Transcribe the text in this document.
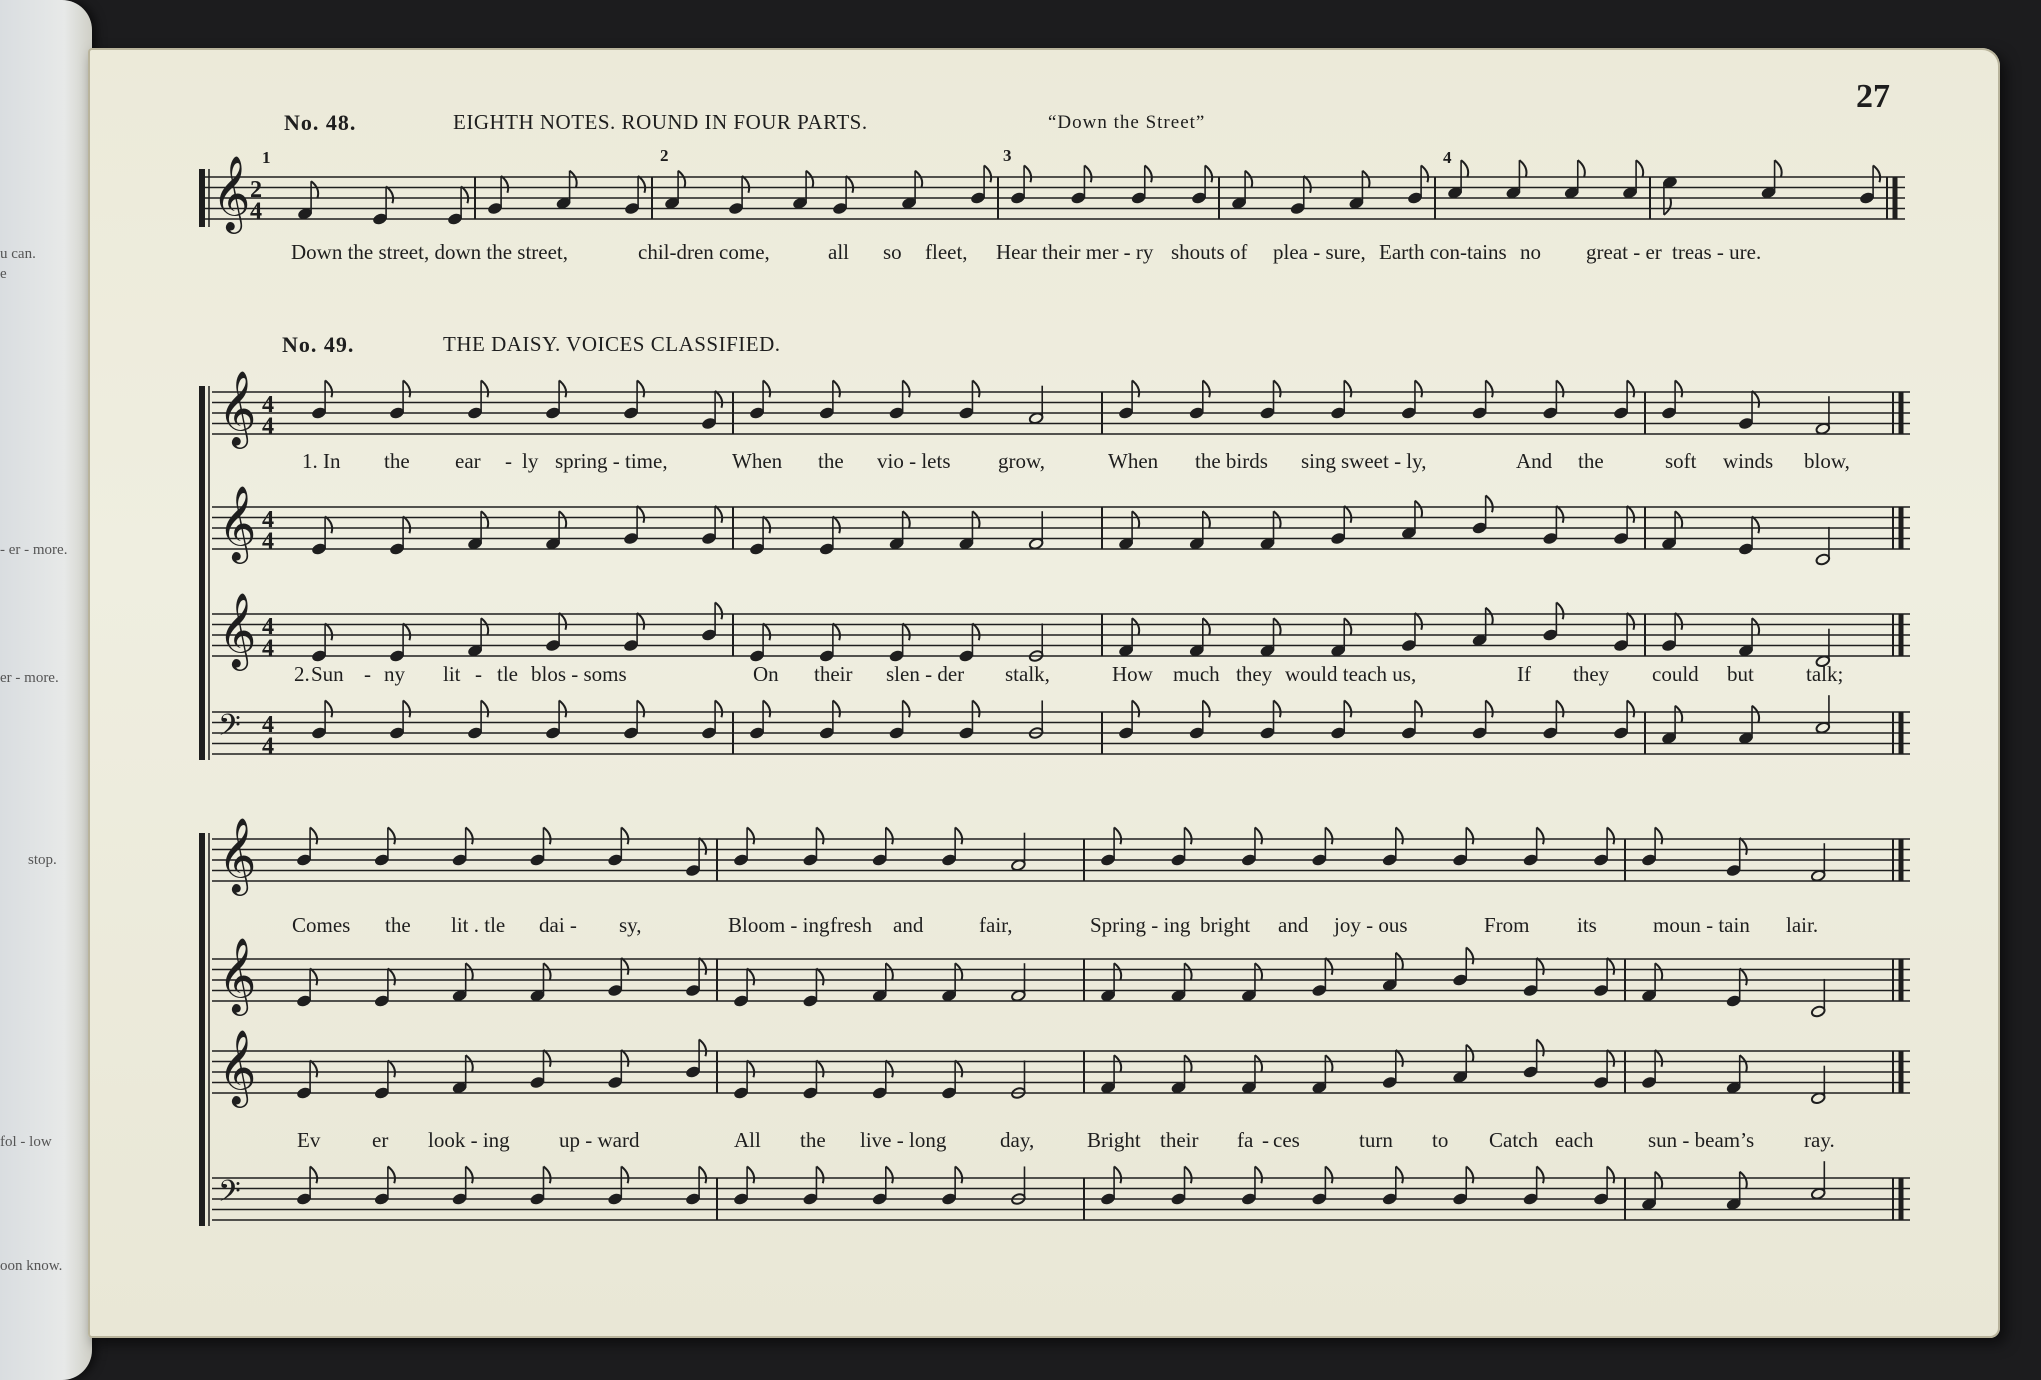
u can.
e
- er - more.
er - more.
stop.
fol - low
oon know.
𝄞 2
4
𝄞 4
4
𝄞 4
4
𝄞 4
4
𝄢 4
4
𝄞
𝄞
𝄞
𝄢
27
No. 48.	EIGHTH NOTES. ROUND IN FOUR PARTS.	“Down the Street”
1	2	3	4
Down the street, down the street,	chil-dren come,	all so fleet, Hear their mer - ry shouts of plea - sure, Earth con-tains no great - er treas - ure.
No. 49.	THE DAISY. VOICES CLASSIFIED.
1. In the ear - ly spring - time,	When the vio - lets grow,	When the birds sing sweet - ly,	And the	soft winds blow,
2. Sun - ny lit - tle blos - soms	On their slen - der stalk,	How much they would teach us,	If they could but talk;
Comes the lit . tle dai - sy,	Bloom - ing fresh and	fair,	Spring - ing bright and joy - ous	From its	moun - tain lair.
Ev er look - ing up - ward	All the live - long	day,	Bright their fa - ces	turn to Catch each	sun - beam’s ray.
